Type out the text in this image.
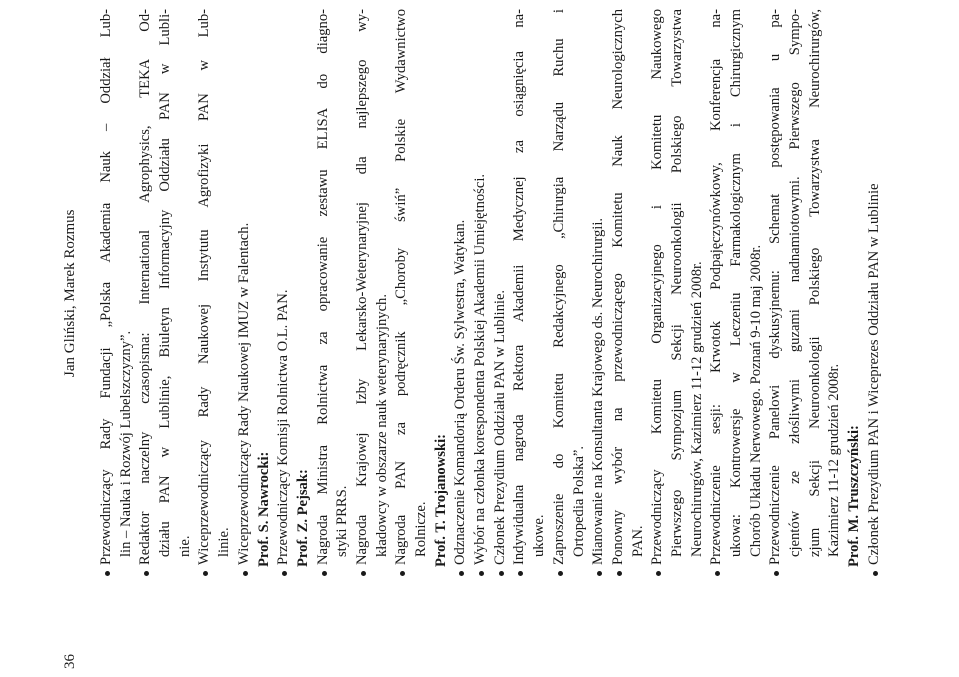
36
Jan Gliński, Marek Rozmus Przewodniczący Rady Fundacji „Polska Akademia Nauk – Oddział Lub- lin – Nauka i Rozwój Lubelszczyzny”. Redaktor naczelny czasopisma: International Agrophysics, TEKA Od- działu PAN w Lublinie, Biuletyn Informacyjny Oddziału PAN w Lubli- nie. Wiceprzewodniczący Rady Naukowej Instytutu Agrofizyki PAN w Lub- linie. Wiceprzewodniczący Rady Naukowej IMUZ w Falentach. Prof. S. Nawrocki: Przewodniczący Komisji Rolnictwa O.L. PAN. Prof. Z. Pejsak: Nagroda Ministra Rolnictwa za opracowanie zestawu ELISA do diagno- styki PRRS. Nagroda Krajowej Izby Lekarsko-Weterynaryjnej dla najlepszego wy- kładowcy w obszarze nauk weterynaryjnych. Nagroda PAN za podręcznik „Choroby świń” Polskie Wydawnictwo Rolnicze. Prof. T. Trojanowski: Odznaczenie Komandorią Orderu Św. Sylwestra, Watykan. Wybór na członka korespondenta Polskiej Akademii Umiejętności. Członek Prezydium Oddziału PAN w Lublinie. Indywidualna nagroda Rektora Akademii Medycznej za osiągnięcia na- ukowe. Zaproszenie do Komitetu Redakcyjnego „Chirurgia Narządu Ruchu i Ortopedia Polska”. Mianowanie na Konsultanta Krajowego ds. Neurochirurgii. Ponowny wybór na przewodniczącego Komitetu Nauk Neurologicznych PAN. Przewodniczący Komitetu Organizacyjnego i Komitetu Naukowego Pierwszego Sympozjum Sekcji Neuroonkologii Polskiego Towarzystwa Neurochirurgów, Kazimierz 11-12 grudzień 2008r. Przewodniczenie sesji: Krwotok Podpajęczynówkowy, Konferencja na- ukowa: Kontrowersje w Leczeniu Farmakologicznym i Chirurgicznym Chorób Układu Nerwowego. Poznań 9-10 maj 2008r. Przewodniczenie Panelowi dyskusyjnemu: Schemat postępowania u pa- cjentów ze złośliwymi guzami nadnamiotowymi. Pierwszego Sympo- zjum Sekcji Neuroonkologii Polskiego Towarzystwa Neurochirurgów, Kazimierz 11-12 grudzień 2008r. Prof. M. Truszczyński: Członek Prezydium PAN i Wiceprezes Oddziału PAN w Lublinie
